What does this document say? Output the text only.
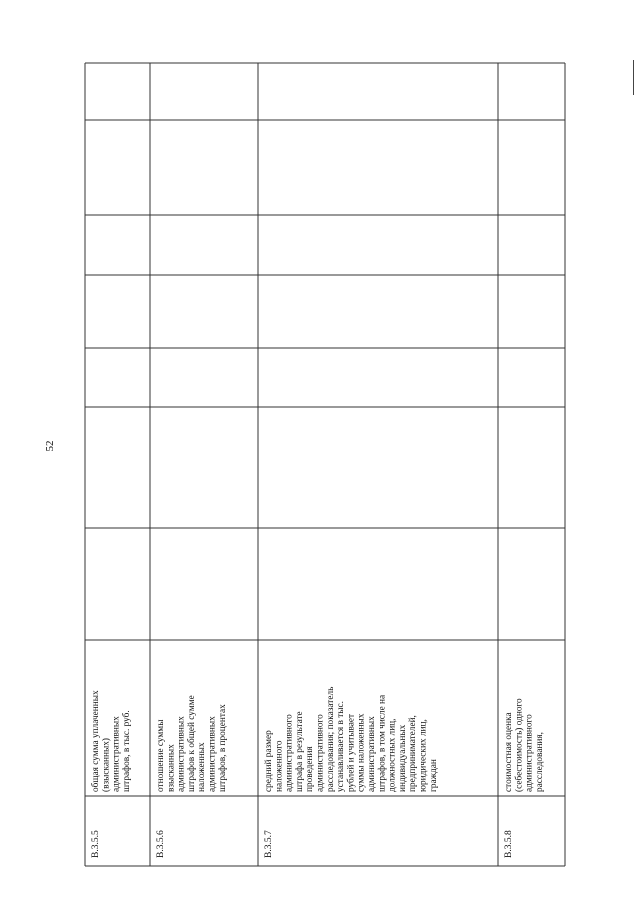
52
B.3.5.5
общая сумма уплаченных (взысканных) административных штрафов, в тыс. руб.
B.3.5.6
отношение суммы взысканных административных штрафов к общей сумме наложенных административных штрафов, в процентах
B.3.5.7
средний размер наложенного административного штрафа в результате проведения административного расследования; показатель устанавливается в тыс. рублей и учитывает суммы наложенных административных штрафов, в том числе на должностных лиц, индивидуальных предпринимателей, юридических лиц, граждан
B.3.5.8
стоимостная оценка (себестоимость) одного административного расследования,
